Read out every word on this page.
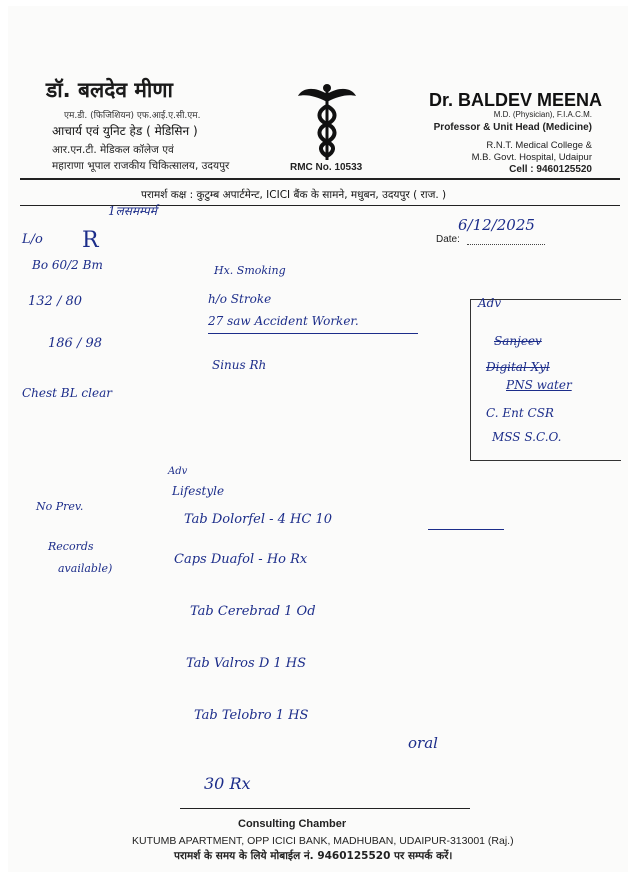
डॉ. बलदेव मीणा
एम.डी. (फिजिशियन) एफ.आई.ए.सी.एम.
आचार्य एवं युनिट हेड ( मेडिसिन )
आर.एन.टी. मेडिकल कॉलेज एवं
महाराणा भूपाल राजकीय चिकित्सालय, उदयपुर	RMC No. 10533
Dr. BALDEV MEENA
M.D. (Physician), F.I.A.C.M.
Professor & Unit Head (Medicine)
R.N.T. Medical College &
M.B. Govt. Hospital, Udaipur
Cell : 9460125520
परामर्श कक्ष : कुटुम्ब अपार्टमेन्ट, ICICI बैंक के सामने, मधुबन, उदयपुर ( राज. )
Date:
1लसमम्पर्म
6/12/2025
L/o R
Bo 60/2 Bm
132 / 80
186 / 98
Chest BL clear
Hx. Smoking
h/o Stroke
27 saw Accident Worker.
Sinus Rh
Adv
Sanjeev
Digital Xyl
PNS water
C. Ent CSR
MSS S.C.O.
No Prev.
Records
available)
Adv
Lifestyle
Tab Dolorfel - 4 HC 10
Caps Duafol - Ho Rx
Tab Cerebrad 1 Od
Tab Valros D 1 HS
Tab Telobro 1 HS
oral
30 Rx
Consulting Chamber
KUTUMB APARTMENT, OPP ICICI BANK, MADHUBAN, UDAIPUR-313001 (Raj.)
परामर्श के समय के लिये मोबाईल नं. 9460125520 पर सम्पर्क करें।
